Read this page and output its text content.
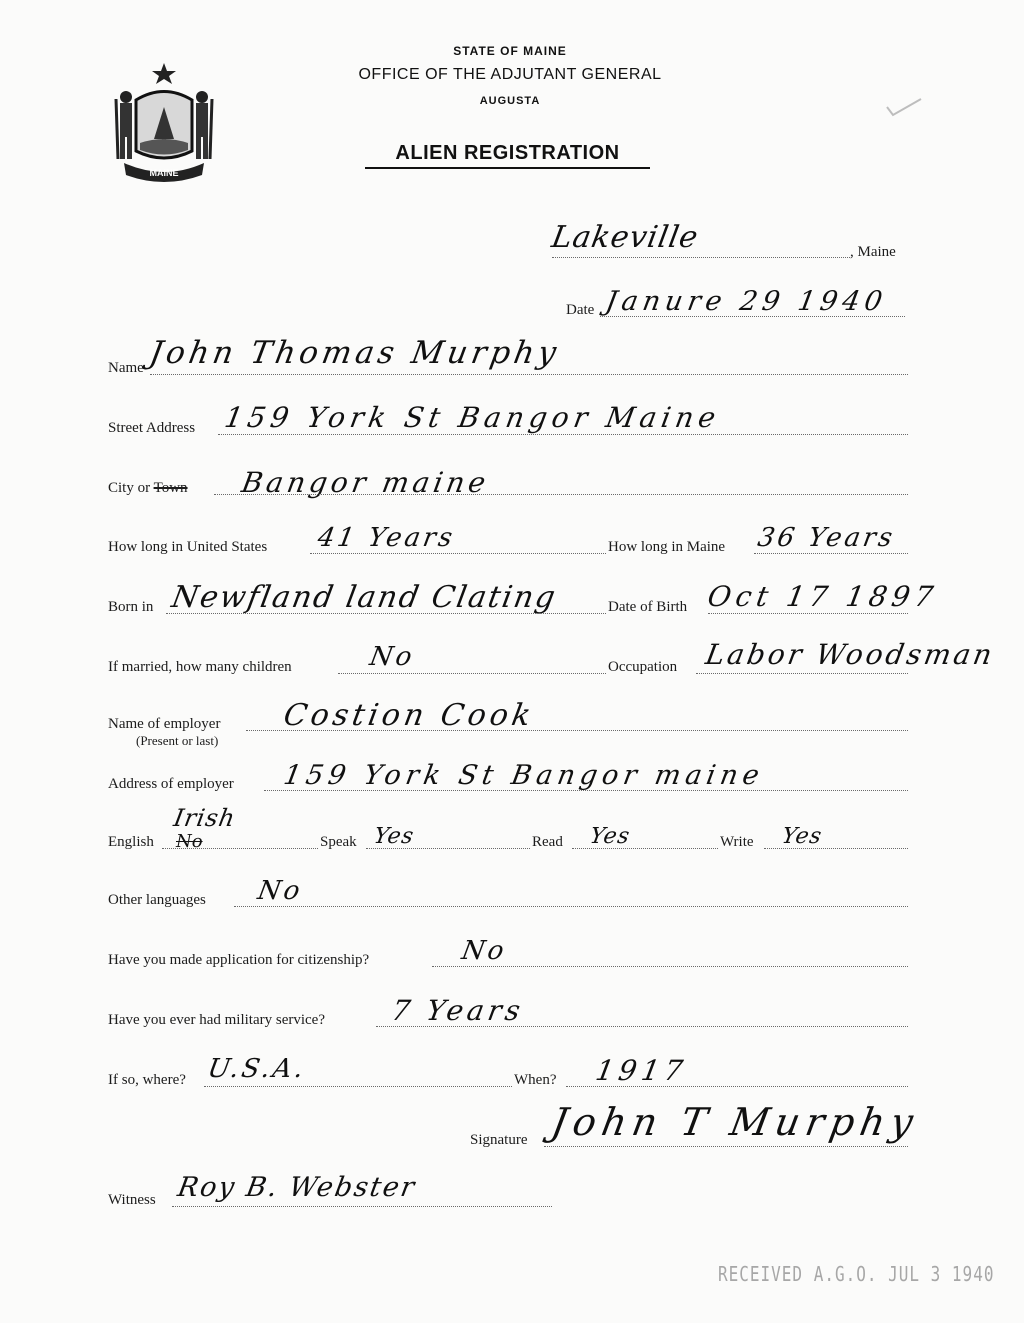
MAINE
STATE OF MAINE
OFFICE OF THE ADJUTANT GENERAL
AUGUSTA
ALIEN REGISTRATION
Lakeville	, Maine
Date Janure 29 1940
Name John Thomas Murphy
Street Address 159 York St Bangor Maine
City or Town Bangor maine
How long in United States 41 Years	How long in Maine 36 Years
Born in Newfland land Clating	Date of Birth Oct 17 1897
If married, how many children	No	Occupation Labor Woodsman
Name of employer
(Present or last)
Costion Cook
Address of employer 159 York St Bangor maine
English No
Irish
Speak Yes	Read Yes	Write Yes
Other languages No
Have you made application for citizenship?	No
Have you ever had military service? 7 Years
If so, where? U.S.A.	When? 1917
Signature John T Murphy
Witness Roy B. Webster
RECEIVED A.G.O. JUL 3 1940
